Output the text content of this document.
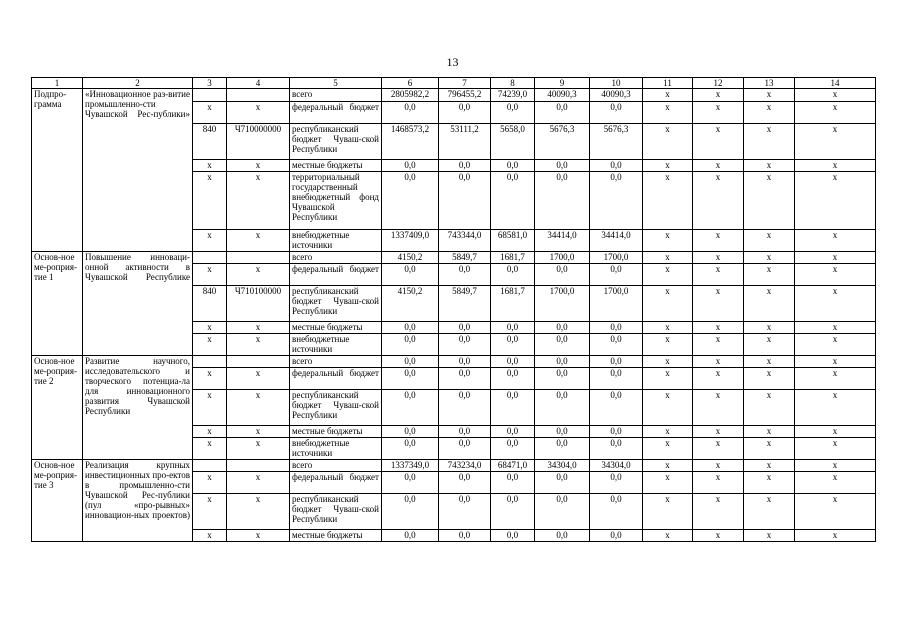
13
1	2	3	4	5	6	7	8	9	10	11	12	13	14
Подпро-грамма	«Инновационное раз-витие промышленно-сти Чувашской Рес-публики»			всего	2805982,2	796455,2	74239,0	40090,3	40090,3	x	x	x	x
		x	x	федеральный бюджет	0,0	0,0	0,0	0,0	0,0	x	x	x	x
		840	Ч710000000	республиканский бюджет Чуваш-ской Республики	1468573,2	53111,2	5658,0	5676,3	5676,3	x	x	x	x
		x	x	местные бюджеты	0,0	0,0	0,0	0,0	0,0	x	x	x	x
		x	x	территориальный государственный внебюджетный фонд Чувашской Республики	0,0	0,0	0,0	0,0	0,0	x	x	x	x
		x	x	внебюджетные источники	1337409,0	743344,0	68581,0	34414,0	34414,0	x	x	x	x
Основ-ное ме-роприя-тие 1	Повышение инноваци-онной активности в Чувашской Республике			всего	4150,2	5849,7	1681,7	1700,0	1700,0	x	x	x	x
		x	x	федеральный бюджет	0,0	0,0	0,0	0,0	0,0	x	x	x	x
		840	Ч710100000	республиканский бюджет Чуваш-ской Республики	4150,2	5849,7	1681,7	1700,0	1700,0	x	x	x	x
		x	x	местные бюджеты	0,0	0,0	0,0	0,0	0,0	x	x	x	x
		x	x	внебюджетные источники	0,0	0,0	0,0	0,0	0,0	x	x	x	x
Основ-ное ме-роприя-тие 2	Развитие научного, исследовательского и творческого потенциа-ла для инновационного развития Чувашской Республики			всего	0,0	0,0	0,0	0,0	0,0	x	x	x	x
		x	x	федеральный бюджет	0,0	0,0	0,0	0,0	0,0	x	x	x	x
		x	x	республиканский бюджет Чуваш-ской Республики	0,0	0,0	0,0	0,0	0,0	x	x	x	x
		x	x	местные бюджеты	0,0	0,0	0,0	0,0	0,0	x	x	x	x
		x	x	внебюджетные источники	0,0	0,0	0,0	0,0	0,0	x	x	x	x
Основ-ное ме-роприя-тие 3	Реализация крупных инвестиционных про-ектов в промышленно-сти Чувашской Рес-публики (пул «про-рывных» инновацион-ных проектов)			всего	1337349,0	743234,0	68471,0	34304,0	34304,0	x	x	x	x
		x	x	федеральный бюджет	0,0	0,0	0,0	0,0	0,0	x	x	x	x
		x	x	республиканский бюджет Чуваш-ской Республики	0,0	0,0	0,0	0,0	0,0	x	x	x	x
		x	x	местные бюджеты	0,0	0,0	0,0	0,0	0,0	x	x	x	x
